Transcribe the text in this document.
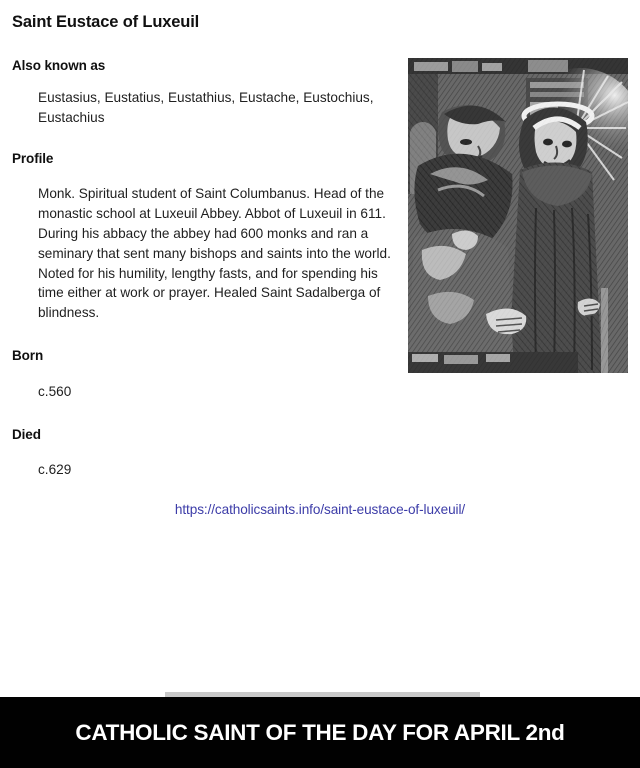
Saint Eustace of Luxeuil
Also known as
Eustasius, Eustatius, Eustathius, Eustache, Eustochius, Eustachius
Profile
Monk. Spiritual student of Saint Columbanus. Head of the monastic school at Luxeuil Abbey. Abbot of Luxeuil in 611. During his abbacy the abbey had 600 monks and ran a seminary that sent many bishops and saints into the world. Noted for his humility, lengthy fasts, and for spending his time either at work or prayer. Healed Saint Sadalberga of blindness.
Born
c.560
Died
c.629
https://catholicsaints.info/saint-eustace-of-luxeuil/
CATHOLIC SAINT OF THE DAY FOR APRIL 2nd
